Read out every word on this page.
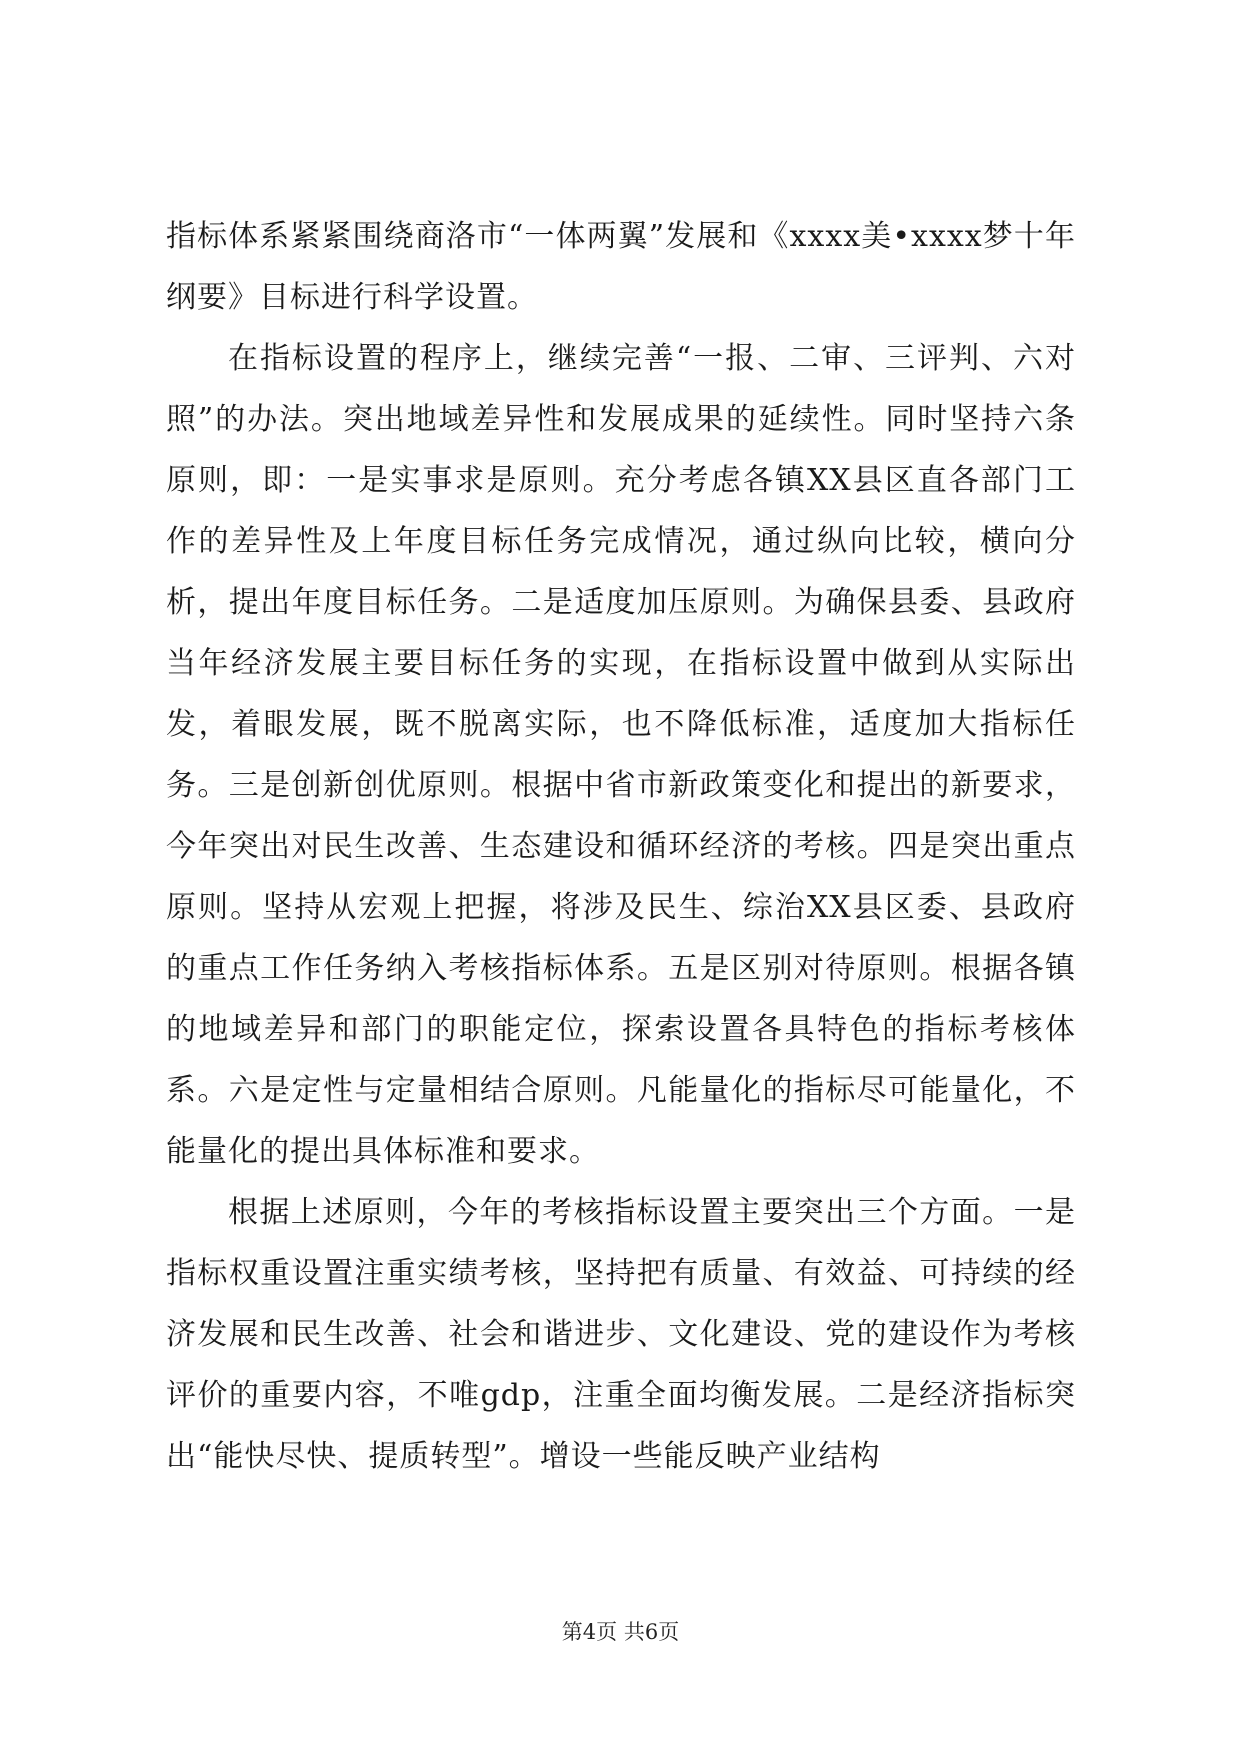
指标体系紧紧围绕商洛市“一体两翼”发展和《xxxx美•xxxx梦十年纲要》目标进行科学设置。

在指标设置的程序上，继续完善“一报、二审、三评判、六对照”的办法。突出地域差异性和发展成果的延续性。同时坚持六条原则，即：一是实事求是原则。充分考虑各镇XX县区直各部门工作的差异性及上年度目标任务完成情况，通过纵向比较，横向分析，提出年度目标任务。二是适度加压原则。为确保县委、县政府当年经济发展主要目标任务的实现，在指标设置中做到从实际出发，着眼发展，既不脱离实际，也不降低标准，适度加大指标任务。三是创新创优原则。根据中省市新政策变化和提出的新要求，今年突出对民生改善、生态建设和循环经济的考核。四是突出重点原则。坚持从宏观上把握，将涉及民生、综治XX县区委、县政府的重点工作任务纳入考核指标体系。五是区别对待原则。根据各镇的地域差异和部门的职能定位，探索设置各具特色的指标考核体系。六是定性与定量相结合原则。凡能量化的指标尽可能量化，不能量化的提出具体标准和要求。

根据上述原则，今年的考核指标设置主要突出三个方面。一是指标权重设置注重实绩考核，坚持把有质量、有效益、可持续的经济发展和民生改善、社会和谐进步、文化建设、党的建设作为考核评价的重要内容，不唯gdp，注重全面均衡发展。二是经济指标突出“能快尽快、提质转型”。增设一些能反映产业结构

第4页 共6页
